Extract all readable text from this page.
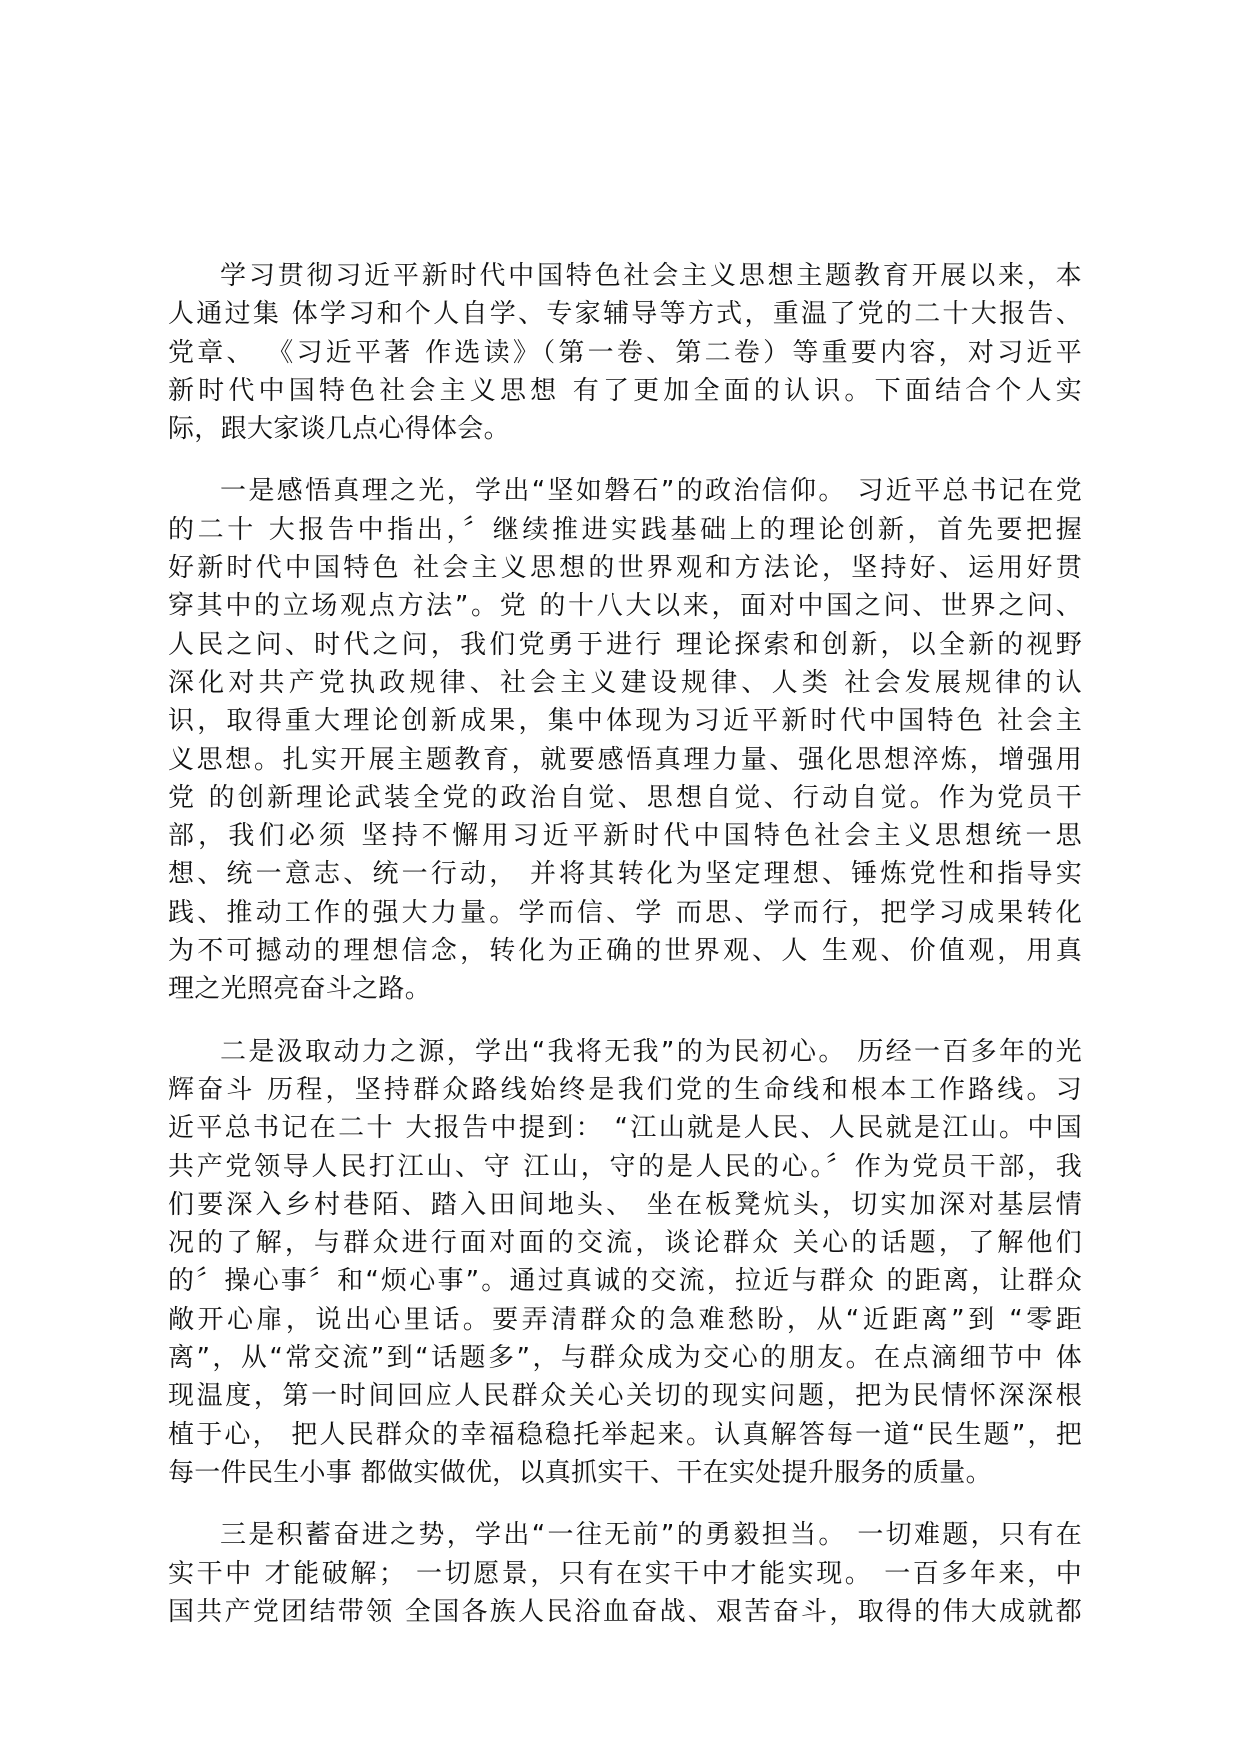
学习贯彻习近平新时代中国特色社会主义思想主题教育开展以来，本
人通过集 体学习和个人自学、专家辅导等方式，重温了党的二十大报告、
党章、 《习近平著 作选读》（第一卷、第二卷）等重要内容，对习近平
新时代中国特色社会主义思想 有了更加全面的认识。下面结合个人实
际，跟大家谈几点心得体会。
一是感悟真理之光，学出“坚如磐石”的政治信仰。 习近平总书记在党
的二十 大报告中指出，〞继续推进实践基础上的理论创新，首先要把握
好新时代中国特色 社会主义思想的世界观和方法论，坚持好、运用好贯
穿其中的立场观点方法”。党 的十八大以来，面对中国之问、世界之问、
人民之问、时代之问，我们党勇于进行 理论探索和创新，以全新的视野
深化对共产党执政规律、社会主义建设规律、人类 社会发展规律的认
识，取得重大理论创新成果，集中体现为习近平新时代中国特色 社会主
义思想。扎实开展主题教育，就要感悟真理力量、强化思想淬炼，增强用
党 的创新理论武装全党的政治自觉、思想自觉、行动自觉。作为党员干
部，我们必须 坚持不懈用习近平新时代中国特色社会主义思想统一思
想、统一意志、统一行动， 并将其转化为坚定理想、锤炼党性和指导实
践、推动工作的强大力量。学而信、学 而思、学而行，把学习成果转化
为不可撼动的理想信念，转化为正确的世界观、人 生观、价值观，用真
理之光照亮奋斗之路。
二是汲取动力之源，学出“我将无我”的为民初心。 历经一百多年的光
辉奋斗 历程，坚持群众路线始终是我们党的生命线和根本工作路线。习
近平总书记在二十 大报告中提到： “江山就是人民、人民就是江山。中国
共产党领导人民打江山、守 江山，守的是人民的心。〞作为党员干部，我
们要深入乡村巷陌、踏入田间地头、 坐在板凳炕头，切实加深对基层情
况的了解，与群众进行面对面的交流，谈论群众 关心的话题，了解他们
的〞操心事〞和“烦心事”。通过真诚的交流，拉近与群众 的距离，让群众
敞开心扉，说出心里话。要弄清群众的急难愁盼，从“近距离”到 “零距
离”，从“常交流”到“话题多”，与群众成为交心的朋友。在点滴细节中 体
现温度，第一时间回应人民群众关心关切的现实问题，把为民情怀深深根
植于心， 把人民群众的幸福稳稳托举起来。认真解答每一道“民生题”，把
每一件民生小事 都做实做优，以真抓实干、干在实处提升服务的质量。
三是积蓄奋进之势，学出“一往无前”的勇毅担当。 一切难题，只有在
实干中 才能破解； 一切愿景，只有在实干中才能实现。 一百多年来，中
国共产党团结带领 全国各族人民浴血奋战、艰苦奋斗，取得的伟大成就都
